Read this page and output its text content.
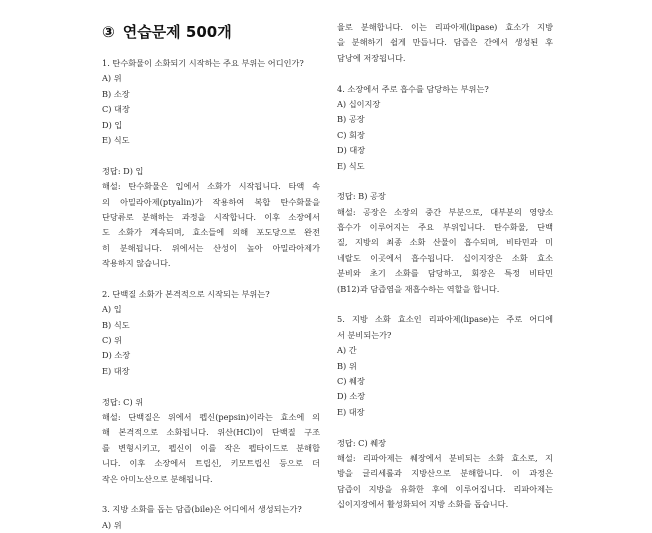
③ 연습문제 500개
1. 탄수화물이 소화되기 시작하는 주요 부위는 어디인가?
A) 위
B) 소장
C) 대장
D) 입
E) 식도
정답: D) 입
해설: 탄수화물은 입에서 소화가 시작됩니다. 타액 속
의 아밀라아제(ptyalin)가 작용하여 복합 탄수화물을
단당류로 분해하는 과정을 시작합니다. 이후 소장에서
도 소화가 계속되며, 효소들에 의해 포도당으로 완전
히 분해됩니다. 위에서는 산성이 높아 아밀라아제가
작용하지 않습니다.
2. 단백질 소화가 본격적으로 시작되는 부위는?
A) 입
B) 식도
C) 위
D) 소장
E) 대장
정답: C) 위
해설: 단백질은 위에서 펩신(pepsin)이라는 효소에 의
해 본격적으로 소화됩니다. 위산(HCl)이 단백질 구조
를 변형시키고, 펩신이 이를 작은 펩타이드로 분해합
니다. 이후 소장에서 트립신, 키모트립신 등으로 더
작은 아미노산으로 분해됩니다.
3. 지방 소화를 돕는 담즙(bile)은 어디에서 생성되는가?
A) 위
율로 분해합니다. 이는 리파아제(lipase) 효소가 지방
을 분해하기 쉽게 만듭니다. 담즙은 간에서 생성된 후
담낭에 저장됩니다.
4. 소장에서 주로 흡수를 담당하는 부위는?
A) 십이지장
B) 공장
C) 회장
D) 대장
E) 식도
정답: B) 공장
해설: 공장은 소장의 중간 부분으로, 대부분의 영양소
흡수가 이루어지는 주요 부위입니다. 탄수화물, 단백
질, 지방의 최종 소화 산물이 흡수되며, 비타민과 미
네랄도 이곳에서 흡수됩니다. 십이지장은 소화 효소
분비와 초기 소화를 담당하고, 회장은 특정 비타민
(B12)과 담즙염을 재흡수하는 역할을 합니다.
5. 지방 소화 효소인 리파아제(lipase)는 주로 어디에
서 분비되는가?
A) 간
B) 위
C) 췌장
D) 소장
E) 대장
정답: C) 췌장
해설: 리파아제는 췌장에서 분비되는 소화 효소로, 지
방을 글리세롤과 지방산으로 분해합니다. 이 과정은
담즙이 지방을 유화한 후에 이루어집니다. 리파아제는
십이지장에서 활성화되어 지방 소화를 돕습니다.
